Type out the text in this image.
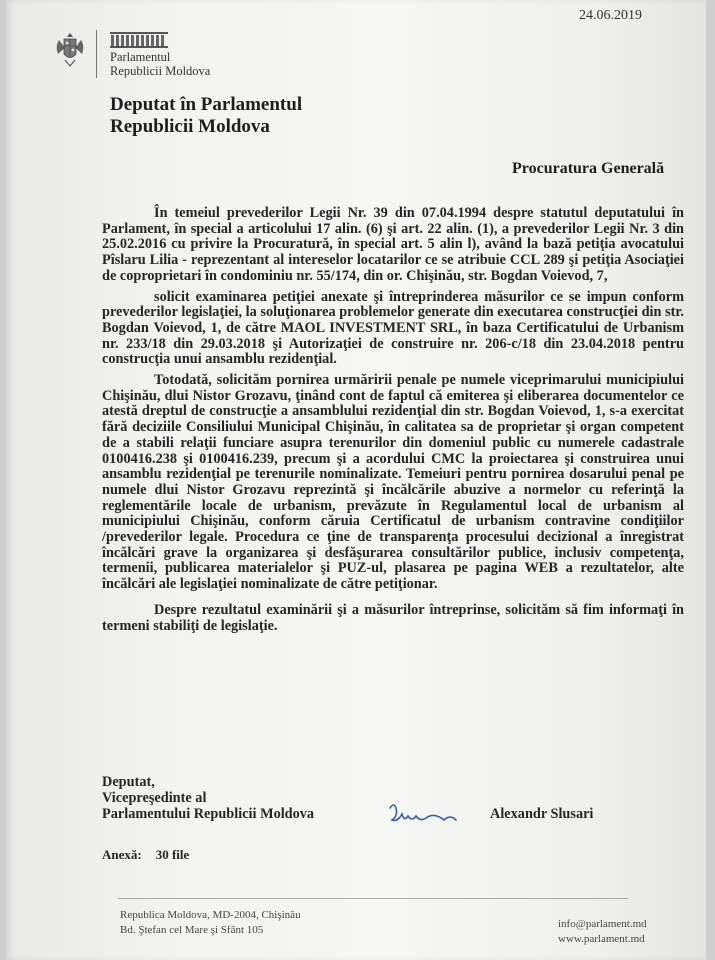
24.06.2019
Parlamentul
Republicii Moldova
Deputat în Parlamentul
Republicii Moldova
Procuratura Generală

În temeiul prevederilor Legii Nr. 39 din 07.04.1994 despre statutul deputatului în Parlament, în special a articolului 17 alin. (6) şi art. 22 alin. (1), a prevederilor Legii Nr. 3 din 25.02.2016 cu privire la Procuratură, în special art. 5 alin l), având la bază petiţia avocatului Pîslaru Lilia - reprezentant al intereselor locatarilor ce se atribuie CCL 289 şi petiţia Asociaţiei de coproprietari în condominiu nr. 55/174, din or. Chişinău, str. Bogdan Voievod, 7,

solicit examinarea petiţiei anexate şi întreprinderea măsurilor ce se impun conform prevederilor legislaţiei, la soluţionarea problemelor generate din executarea construcţiei din str. Bogdan Voievod, 1, de către MAOL INVESTMENT SRL, în baza Certificatului de Urbanism nr. 233/18 din 29.03.2018 şi Autorizaţiei de construire nr. 206-c/18 din 23.04.2018 pentru construcţia unui ansamblu rezidenţial.

Totodată, solicităm pornirea urmăririi penale pe numele viceprimarului municipiului Chişinău, dlui Nistor Grozavu, ţinând cont de faptul că emiterea şi eliberarea documentelor ce atestă dreptul de construcţie a ansamblului rezidenţial din str. Bogdan Voievod, 1, s-a exercitat fără deciziile Consiliului Municipal Chişinău, în calitatea sa de proprietar şi organ competent de a stabili relaţii funciare asupra terenurilor din domeniul public cu numerele cadastrale 0100416.238 şi 0100416.239, precum şi a acordului CMC la proiectarea şi construirea unui ansamblu rezidenţial pe terenurile nominalizate. Temeiuri pentru pornirea dosarului penal pe numele dlui Nistor Grozavu reprezintă şi încălcările abuzive a normelor cu referinţă la reglementările locale de urbanism, prevăzute în Regulamentul local de urbanism al municipiului Chişinău, conform căruia Certificatul de urbanism contravine condiţiilor /prevederilor legale. Procedura ce ţine de transparenţa procesului decizional a înregistrat încălcări grave la organizarea şi desfăşurarea consultărilor publice, inclusiv competenţa, termenii, publicarea materialelor şi PUZ-ul, plasarea pe pagina WEB a rezultatelor, alte încălcări ale legislaţiei nominalizate de către petiţionar.

Despre rezultatul examinării şi a măsurilor întreprinse, solicităm să fim informaţi în termeni stabiliţi de legislaţie.

Deputat,
Vicepreşedinte al
Parlamentului Republicii Moldova	Alexandr Slusari
Anexă: 30 file
Republica Moldova, MD-2004, Chişinău
Bd. Ştefan cel Mare şi Sfânt 105	info@parlament.md
www.parlament.md
